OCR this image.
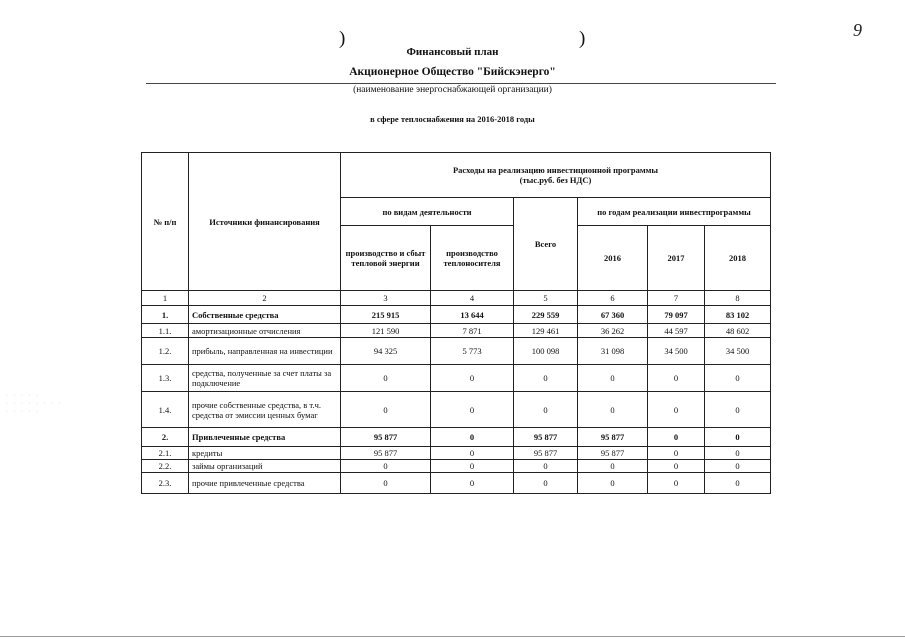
)	)	9
Финансовый план
Акционерное Общество "Бийскэнерго"
(наименование энергоснабжающей организации)
в сфере теплоснабжения на 2016-2018 годы
· · · · ·
· · · · · · · ·
· · · · ·
№ п/п	Источники финансирования	Расходы на реализацию инвестиционной программы
(тыс.руб. без НДС)					

		по видам деятельности		Всего	по годам реализации инвестпрограммы		
		производство и сбыт тепловой энергии	производство теплоносителя		2016	2017	2018
1	2	3	4	5	6	7	8
1.	Собственные средства	215 915	13 644	229 559	67 360	79 097	83 102
1.1.	амортизационные отчисления	121 590	7 871	129 461	36 262	44 597	48 602
1.2.	прибыль, направленная на инвестиции	94 325	5 773	100 098	31 098	34 500	34 500
1.3.	средства, полученные за счет платы за подключение	0	0	0	0	0	0
1.4.	прочие собственные средства, в т.ч. средства от эмиссии ценных бумаг	0	0	0	0	0	0
2.	Привлеченные средства	95 877	0	95 877	95 877	0	0
2.1.	кредиты	95 877	0	95 877	95 877	0	0
2.2.	займы организаций	0	0	0	0	0	0
2.3.	прочие привлеченные средства	0	0	0	0	0	0
